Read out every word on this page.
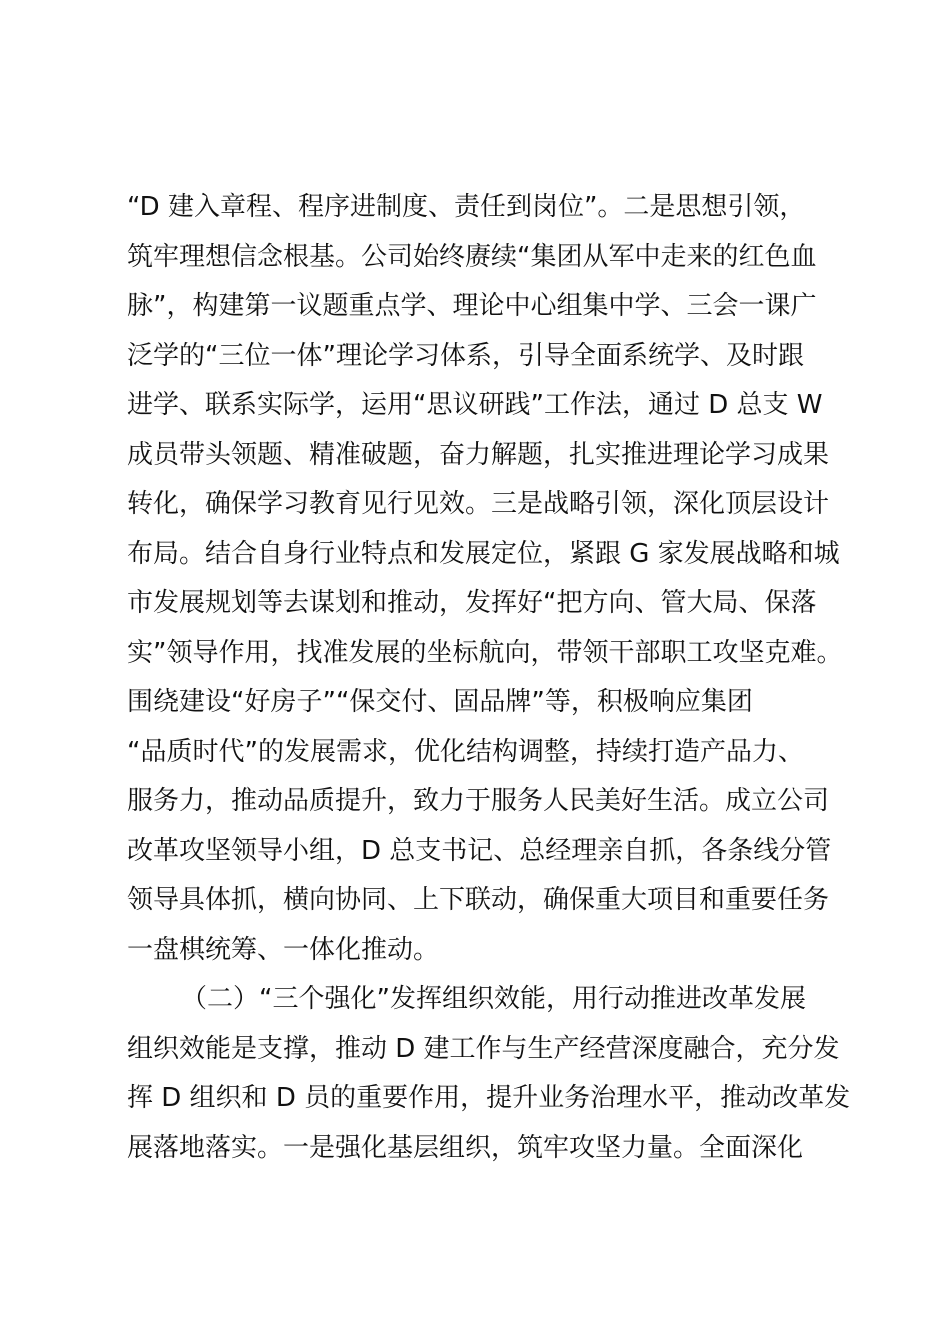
“D 建入章程、程序进制度、责任到岗位”。二是思想引领，
筑牢理想信念根基。公司始终赓续“集团从军中走来的红色血
脉”，构建第一议题重点学、理论中心组集中学、三会一课广
泛学的“三位一体”理论学习体系，引导全面系统学、及时跟
进学、联系实际学，运用“思议研践”工作法，通过 D 总支 W
成员带头领题、精准破题，奋力解题，扎实推进理论学习成果
转化，确保学习教育见行见效。三是战略引领，深化顶层设计
布局。结合自身行业特点和发展定位，紧跟 G 家发展战略和城
市发展规划等去谋划和推动，发挥好“把方向、管大局、保落
实”领导作用，找准发展的坐标航向，带领干部职工攻坚克难。
围绕建设“好房子”“保交付、固品牌”等，积极响应集团
“品质时代”的发展需求，优化结构调整，持续打造产品力、
服务力，推动品质提升，致力于服务人民美好生活。成立公司
改革攻坚领导小组，D 总支书记、总经理亲自抓，各条线分管
领导具体抓，横向协同、上下联动，确保重大项目和重要任务
一盘棋统筹、一体化推动。
（二）“三个强化”发挥组织效能，用行动推进改革发展
组织效能是支撑，推动 D 建工作与生产经营深度融合，充分发
挥 D 组织和 D 员的重要作用，提升业务治理水平，推动改革发
展落地落实。一是强化基层组织，筑牢攻坚力量。全面深化
